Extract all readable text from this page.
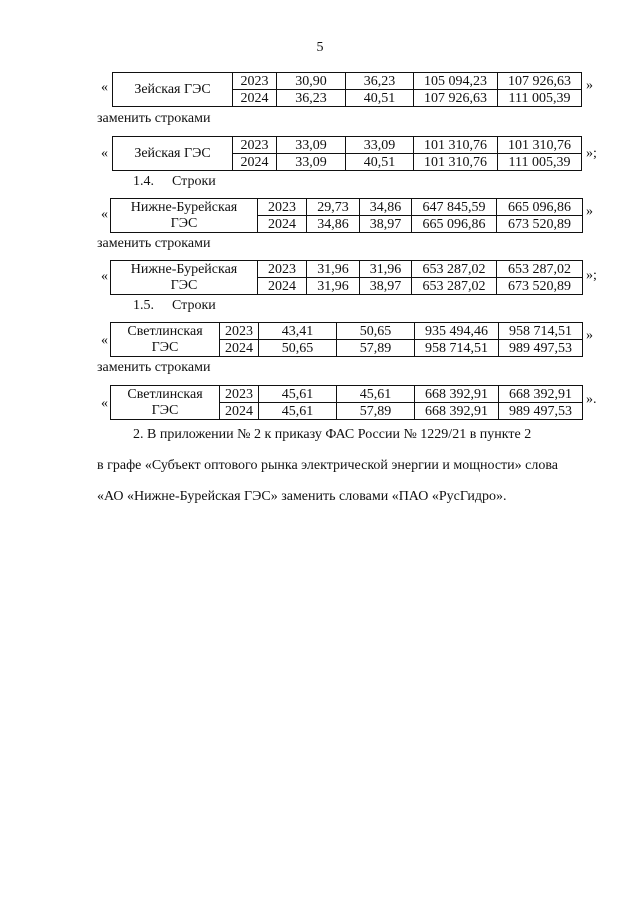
5
« Зейская ГЭС	2023	30,90	36,23	105 094,23	107 926,63
	2024	36,23	40,51	107 926,63	111 005,39
»
заменить строками
« Зейская ГЭС	2023	33,09	33,09	101 310,76	101 310,76
	2024	33,09	40,51	101 310,76	111 005,39
»;
1.4. Строки
«	Нижне-Бурейская
ГЭС	2023	29,73	34,86	647 845,59	665 096,86
	2024	34,86	38,97	665 096,86	673 520,89
»
заменить строками
«	Нижне-Бурейская
ГЭС	2023	31,96	31,96	653 287,02	653 287,02
	2024	31,96	38,97	653 287,02	673 520,89
»;
1.5. Строки
«
Светлинская
ГЭС	2023	43,41	50,65	935 494,46	958 714,51
	2024	50,65	57,89	958 714,51	989 497,53
»
заменить строками
«
Светлинская
ГЭС	2023	45,61	45,61	668 392,91	668 392,91
	2024	45,61	57,89	668 392,91	989 497,53
».
2. В приложении № 2 к приказу ФАС России № 1229/21 в пункте 2
в графе «Субъект оптового рынка электрической энергии и мощности» слова
«АО «Нижне-Бурейская ГЭС» заменить словами «ПАО «РусГидро».
